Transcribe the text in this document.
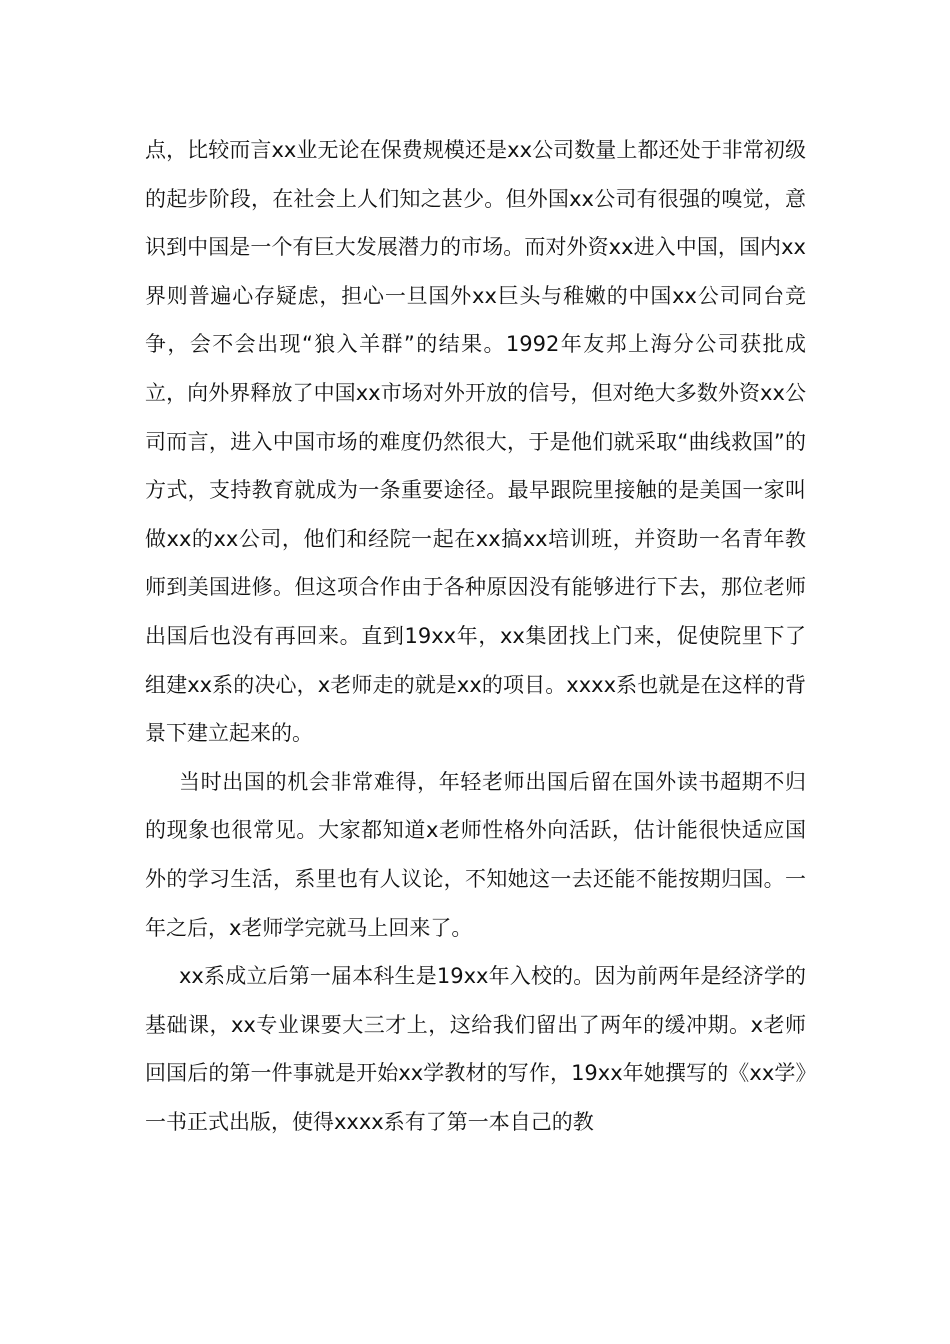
点，比较而言xx业无论在保费规模还是xx公司数量上都还处于非常初级的起步阶段，在社会上人们知之甚少。但外国xx公司有很强的嗅觉，意识到中国是一个有巨大发展潜力的市场。而对外资xx进入中国，国内xx界则普遍心存疑虑，担心一旦国外xx巨头与稚嫩的中国xx公司同台竞争，会不会出现“狼入羊群”的结果。1992年友邦上海分公司获批成立，向外界释放了中国xx市场对外开放的信号，但对绝大多数外资xx公司而言，进入中国市场的难度仍然很大，于是他们就采取“曲线救国”的方式，支持教育就成为一条重要途径。最早跟院里接触的是美国一家叫做xx的xx公司，他们和经院一起在xx搞xx培训班，并资助一名青年教师到美国进修。但这项合作由于各种原因没有能够进行下去，那位老师出国后也没有再回来。直到19xx年，xx集团找上门来，促使院里下了组建xx系的决心，x老师走的就是xx的项目。xxxx系也就是在这样的背景下建立起来的。

当时出国的机会非常难得，年轻老师出国后留在国外读书超期不归的现象也很常见。大家都知道x老师性格外向活跃，估计能很快适应国外的学习生活，系里也有人议论，不知她这一去还能不能按期归国。一年之后，x老师学完就马上回来了。

xx系成立后第一届本科生是19xx年入校的。因为前两年是经济学的基础课，xx专业课要大三才上，这给我们留出了两年的缓冲期。x老师回国后的第一件事就是开始xx学教材的写作，19xx年她撰写的《xx学》一书正式出版，使得xxxx系有了第一本自己的教
